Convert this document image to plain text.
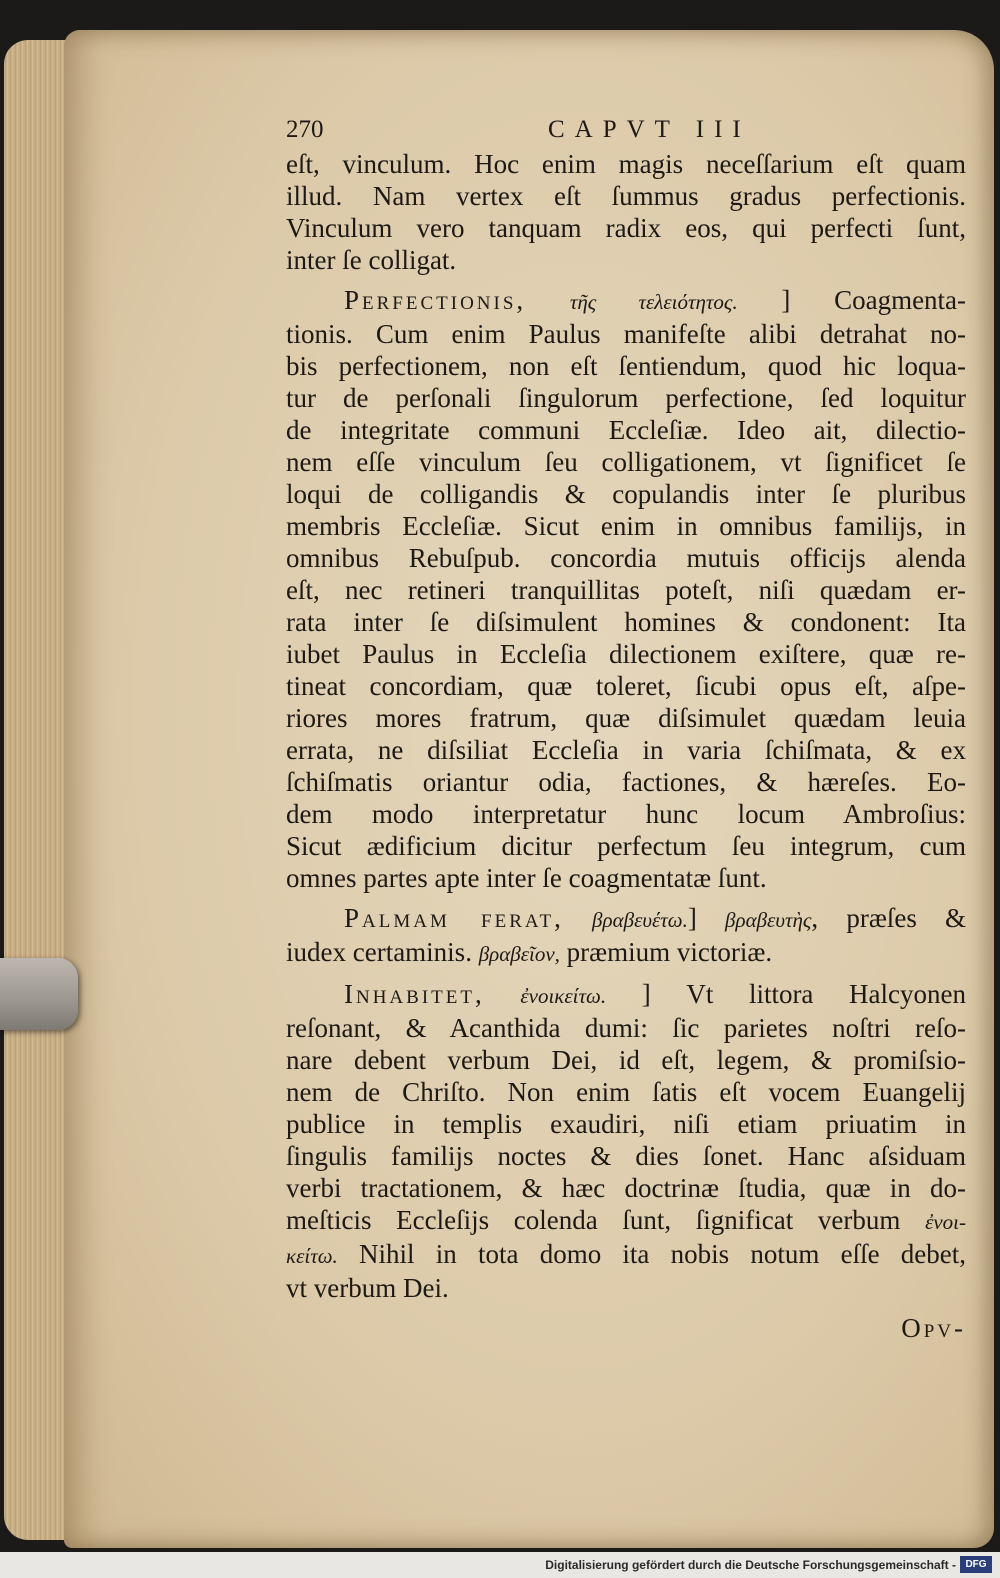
270	CAPVT III
eſt, vinculum. Hoc enim magis neceſſarium eſt quam
illud. Nam vertex eſt ſummus gradus perfectionis.
Vinculum vero tanquam radix eos, qui perfecti ſunt,
inter ſe colligat.
Perfectionis, τῆς τελειότητος. ] Coagmenta-
tionis. Cum enim Paulus manifeſte alibi detrahat no-
bis perfectionem, non eſt ſentiendum, quod hic loqua-
tur de perſonali ſingulorum perfectione, ſed loquitur
de integritate communi Eccleſiæ. Ideo ait, dilectio-
nem eſſe vinculum ſeu colligationem, vt ſignificet ſe
loqui de colligandis & copulandis inter ſe pluribus
membris Eccleſiæ. Sicut enim in omnibus familijs, in
omnibus Rebuſpub. concordia mutuis officijs alenda
eſt, nec retineri tranquillitas poteſt, niſi quædam er-
rata inter ſe diſsimulent homines & condonent: Ita
iubet Paulus in Eccleſia dilectionem exiſtere, quæ re-
tineat concordiam, quæ toleret, ſicubi opus eſt, aſpe-
riores mores fratrum, quæ diſsimulet quædam leuia
errata, ne diſsiliat Eccleſia in varia ſchiſmata, & ex
ſchiſmatis oriantur odia, factiones, & hæreſes. Eo-
dem modo interpretatur hunc locum Ambroſius:
Sicut ædificium dicitur perfectum ſeu integrum, cum
omnes partes apte inter ſe coagmentatæ ſunt.
Palmam ferat, βραβευέτω.] βραβευτὴς, præſes &
iudex certaminis. βραβεῖον, præmium victoriæ.
Inhabitet, ἐνοικείτω. ] Vt littora Halcyonen
reſonant, & Acanthida dumi: ſic parietes noſtri reſo-
nare debent verbum Dei, id eſt, legem, & promiſsio-
nem de Chriſto. Non enim ſatis eſt vocem Euangelij
publice in templis exaudiri, niſi etiam priuatim in
ſingulis familijs noctes & dies ſonet. Hanc aſsiduam
verbi tractationem, & hæc doctrinæ ſtudia, quæ in do-
meſticis Eccleſijs colenda ſunt, ſignificat verbum ἐνοι-
κείτω. Nihil in tota domo ita nobis notum eſſe debet,
vt verbum Dei.
Opv-
Digitalisierung gefördert durch die Deutsche Forschungsgemeinschaft - DFG
